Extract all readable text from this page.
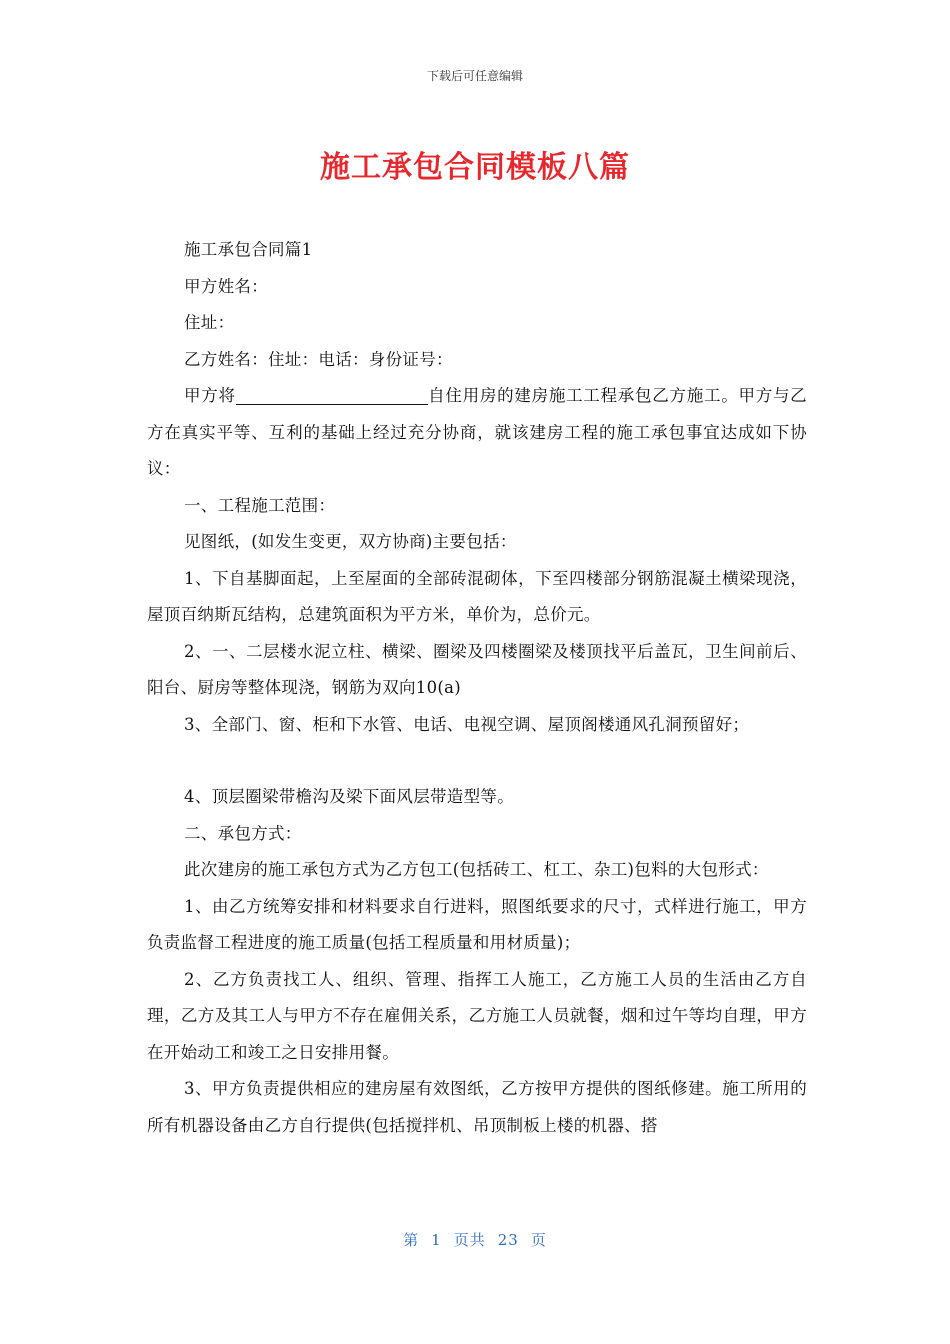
下载后可任意编辑
施工承包合同模板八篇

施工承包合同篇1

甲方姓名：

住址：

乙方姓名：住址：电话：身份证号：

甲方将	自住用房的建房施工工程承包乙方施工。甲方与乙方在真实平等、互利的基础上经过充分协商，就该建房工程的施工承包事宜达成如下协议：

一、工程施工范围：

见图纸，(如发生变更，双方协商)主要包括：

1、下自基脚面起，上至屋面的全部砖混砌体，下至四楼部分钢筋混凝土横梁现浇，屋顶百纳斯瓦结构，总建筑面积为平方米，单价为，总价元。

2、一、二层楼水泥立柱、横梁、圈梁及四楼圈梁及楼顶找平后盖瓦，卫生间前后、阳台、厨房等整体现浇，钢筋为双向10(a)

3、全部门、窗、柜和下水管、电话、电视空调、屋顶阁楼通风孔洞预留好；

4、顶层圈梁带檐沟及梁下面风层带造型等。

二、承包方式：

此次建房的施工承包方式为乙方包工(包括砖工、杠工、杂工)包料的大包形式：

1、由乙方统筹安排和材料要求自行进料，照图纸要求的尺寸，式样进行施工，甲方负责监督工程进度的施工质量(包括工程质量和用材质量)；

2、乙方负责找工人、组织、管理、指挥工人施工，乙方施工人员的生活由乙方自理，乙方及其工人与甲方不存在雇佣关系，乙方施工人员就餐，烟和过午等均自理，甲方在开始动工和竣工之日安排用餐。

3、甲方负责提供相应的建房屋有效图纸，乙方按甲方提供的图纸修建。施工所用的所有机器设备由乙方自行提供(包括搅拌机、吊顶制板上楼的机器、搭

第 1 页共 23 页
